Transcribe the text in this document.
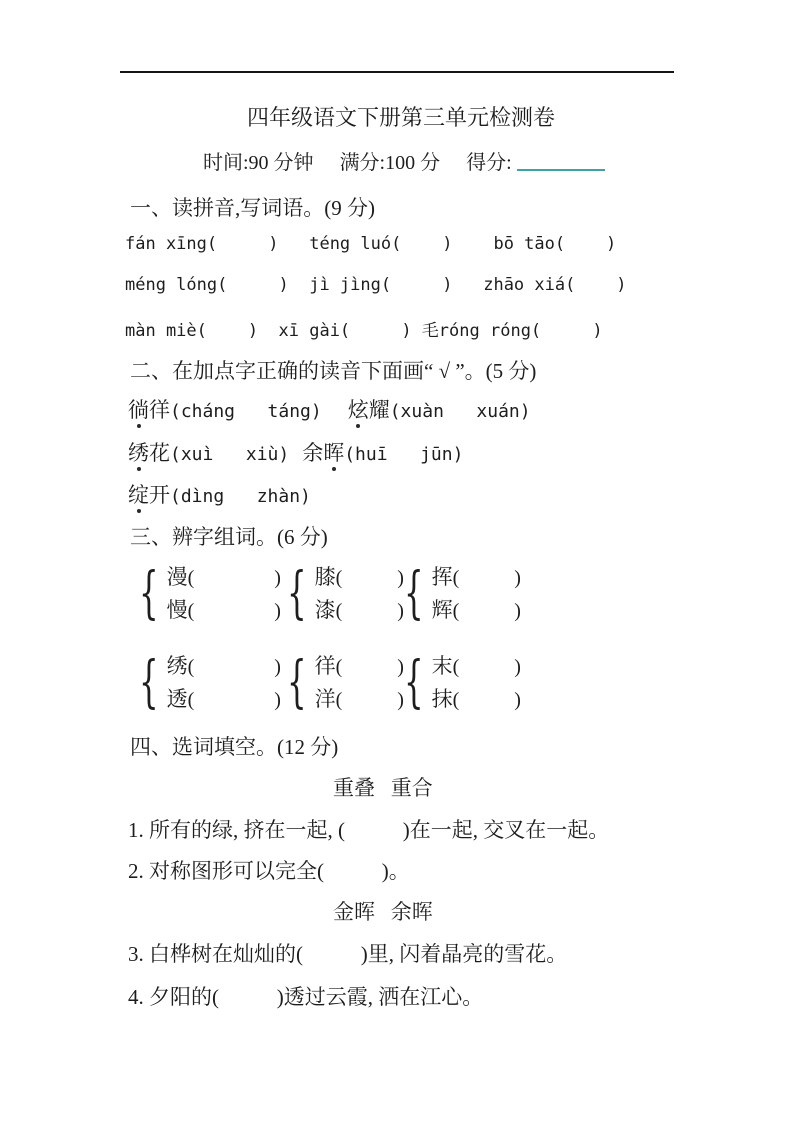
四年级语文下册第三单元检测卷
时间:90 分钟 满分:100 分 得分:
一、读拼音,写词语。(9 分)
fán xīng(     )   téng luó(    )    bō tāo(    )
méng lóng(     )  jì jìng(     )   zhāo xiá(    )
màn miè(    )  xī gài(     ) 毛róng róng(     )
二、在加点字正确的读音下面画“ √ ”。(5 分)
徜徉(cháng   táng) 炫耀(xuàn   xuán)
绣花(xuì   xiù) 余晖(huī   jūn)
绽开(dìng   zhàn)
三、辨字组词。(6 分)
{ 漫(                )
慢(                ) { 膝(           )
漆(           ) { 挥(           )
辉(           )
{ 绣(                )
透(                ) { 徉(           )
洋(           ) { 末(           )
抹(           )
四、选词填空。(12 分)
重叠   重合
1. 所有的绿, 挤在一起, (           )在一起, 交叉在一起。
2. 对称图形可以完全(           )。
金晖   余晖
3. 白桦树在灿灿的(           )里, 闪着晶亮的雪花。
4. 夕阳的(           )透过云霞, 洒在江心。
